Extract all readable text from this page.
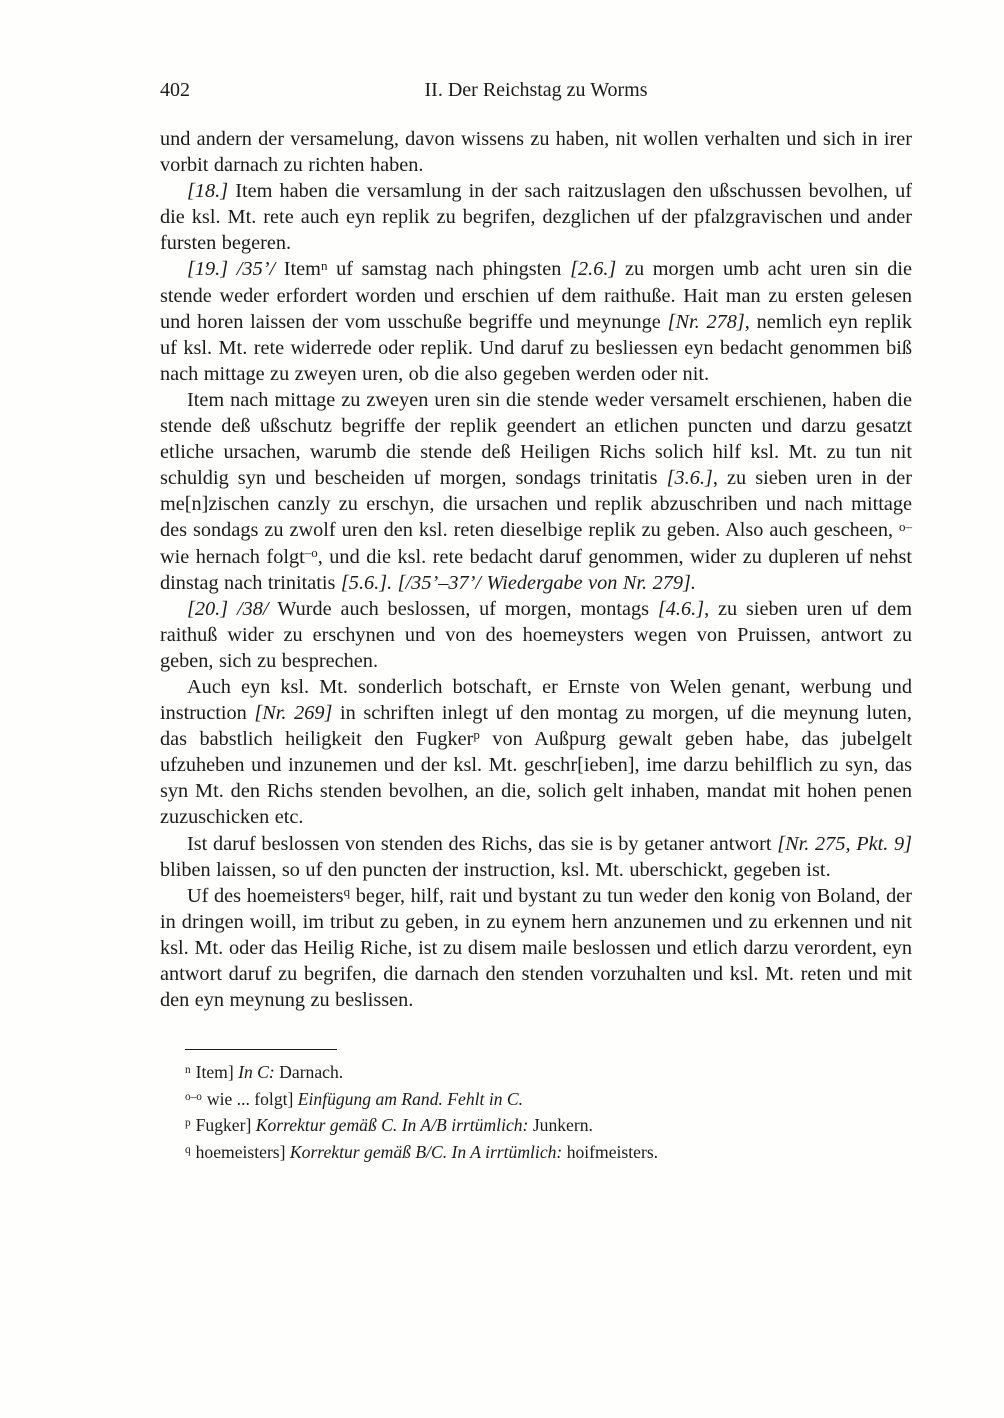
402	II. Der Reichstag zu Worms

und andern der versamelung, davon wissens zu haben, nit wollen verhalten und sich in irer vorbit darnach zu richten haben.

[18.] Item haben die versamlung in der sach raitzuslagen den ußschussen bevolhen, uf die ksl. Mt. rete auch eyn replik zu begrifen, dezglichen uf der pfalzgravischen und ander fursten begeren.

[19.] /35’/ Item$^n$ uf samstag nach phingsten [2.6.] zu morgen umb acht uren sin die stende weder erfordert worden und erschien uf dem raithuße. Hait man zu ersten gelesen und horen laissen der vom usschuße begriffe und meynunge [Nr. 278], nemlich eyn replik uf ksl. Mt. rete widerrede oder replik. Und daruf zu besliessen eyn bedacht genommen biß nach mittage zu zweyen uren, ob die also gegeben werden oder nit.

Item nach mittage zu zweyen uren sin die stende weder versamelt erschienen, haben die stende deß ußschutz begriffe der replik geendert an etlichen puncten und darzu gesatzt etliche ursachen, warumb die stende deß Heiligen Richs solich hilf ksl. Mt. zu tun nit schuldig syn und bescheiden uf morgen, sondags trinitatis [3.6.], zu sieben uren in der me[n]zischen canzly zu erschyn, die ursachen und replik abzuschriben und nach mittage des sondags zu zwolf uren den ksl. reten dieselbige replik zu geben. Also auch gescheen, $^{o-}$wie hernach folgt$^{-o}$, und die ksl. rete bedacht daruf genommen, wider zu dupleren uf nehst dinstag nach trinitatis [5.6.]. [/35’–37’/ Wiedergabe von Nr. 279].

[20.] /38/ Wurde auch beslossen, uf morgen, montags [4.6.], zu sieben uren uf dem raithuß wider zu erschynen und von des hoemeysters wegen von Pruissen, antwort zu geben, sich zu besprechen.

Auch eyn ksl. Mt. sonderlich botschaft, er Ernste von Welen genant, werbung und instruction [Nr. 269] in schriften inlegt uf den montag zu morgen, uf die meynung luten, das babstlich heiligkeit den Fugker$^p$ von Außpurg gewalt geben habe, das jubelgelt ufzuheben und inzunemen und der ksl. Mt. geschr[ieben], ime darzu behilflich zu syn, das syn Mt. den Richs stenden bevolhen, an die, solich gelt inhaben, mandat mit hohen penen zuzuschicken etc.

Ist daruf beslossen von stenden des Richs, das sie is by getaner antwort [Nr. 275, Pkt. 9] bliben laissen, so uf den puncten der instruction, ksl. Mt. uberschickt, gegeben ist.

Uf des hoemeisters$^q$ beger, hilf, rait und bystant zu tun weder den konig von Boland, der in dringen woill, im tribut zu geben, in zu eynem hern anzunemen und zu erkennen und nit ksl. Mt. oder das Heilig Riche, ist zu disem maile beslossen und etlich darzu verordent, eyn antwort daruf zu begrifen, die darnach den stenden vorzuhalten und ksl. Mt. reten und mit den eyn meynung zu beslissen.

$^n$ Item] In C: Darnach.
$^{o-o}$ wie ... folgt] Einfügung am Rand. Fehlt in C.
$^p$ Fugker] Korrektur gemäß C. In A/B irrtümlich: Junkern.
$^q$ hoemeisters] Korrektur gemäß B/C. In A irrtümlich: hoifmeisters.
